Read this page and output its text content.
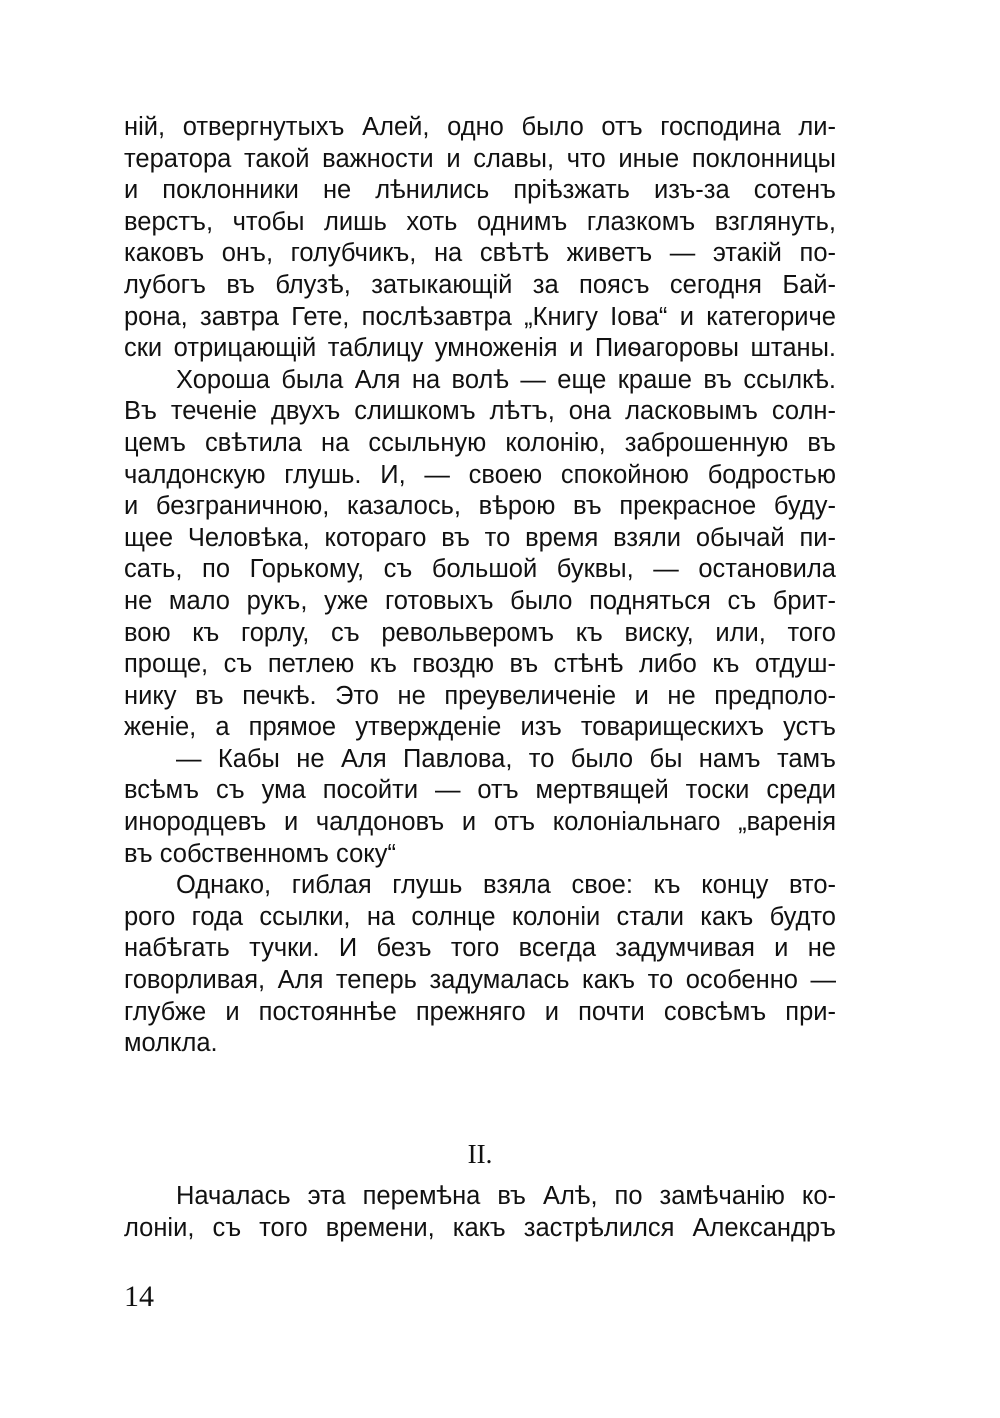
ній, отвергнутыхъ Алей, одно было отъ господина ли-
тератора такой важности и славы, что иные поклонницы
и поклонники не лѣнились пріѣзжать изъ-за сотенъ
верстъ, чтобы лишь хоть однимъ глазкомъ взглянуть,
каковъ онъ, голубчикъ, на свѣтѣ живетъ — этакій по-
лубогъ въ блузѣ, затыкающій за поясъ сегодня Бай-
рона, завтра Гете, послѣзавтра „Книгу Іова“ и категориче
ски отрицающій таблицу умноженія и Пиѳагоровы штаны.
Хороша была Аля на волѣ — еще краше въ ссылкѣ.
Въ теченіе двухъ слишкомъ лѣтъ, она ласковымъ солн-
цемъ свѣтила на ссыльную колонію, заброшенную въ
чалдонскую глушь. И, — своею спокойною бодростью
и безграничною, казалось, вѣрою въ прекрасное буду-
щее Человѣка, котораго въ то время взяли обычай пи-
сать, по Горькому, съ большой буквы, — остановила
не мало рукъ, уже готовыхъ было подняться съ брит-
вою къ горлу, съ револьверомъ къ виску, или, того
проще, съ петлею къ гвоздю въ стѣнѣ либо къ отдуш-
нику въ печкѣ. Это не преувеличеніе и не предполо-
женіе, а прямое утвержденіе изъ товарищескихъ устъ
— Кабы не Аля Павлова, то было бы намъ тамъ
всѣмъ съ ума посойти — отъ мертвящей тоски среди
инородцевъ и чалдоновъ и отъ колоніальнаго „варенія
въ собственномъ соку“
Однако, гиблая глушь взяла свое: къ концу вто-
рого года ссылки, на солнце колоніи стали какъ будто
набѣгать тучки. И безъ того всегда задумчивая и не
говорливая, Аля теперь задумалась какъ то особенно —
глубже и постояннѣе прежняго и почти совсѣмъ при-
молкла.
II.
Началась эта перемѣна въ Алѣ, по замѣчанію ко-
лоніи, съ того времени, какъ застрѣлился Александръ
14
